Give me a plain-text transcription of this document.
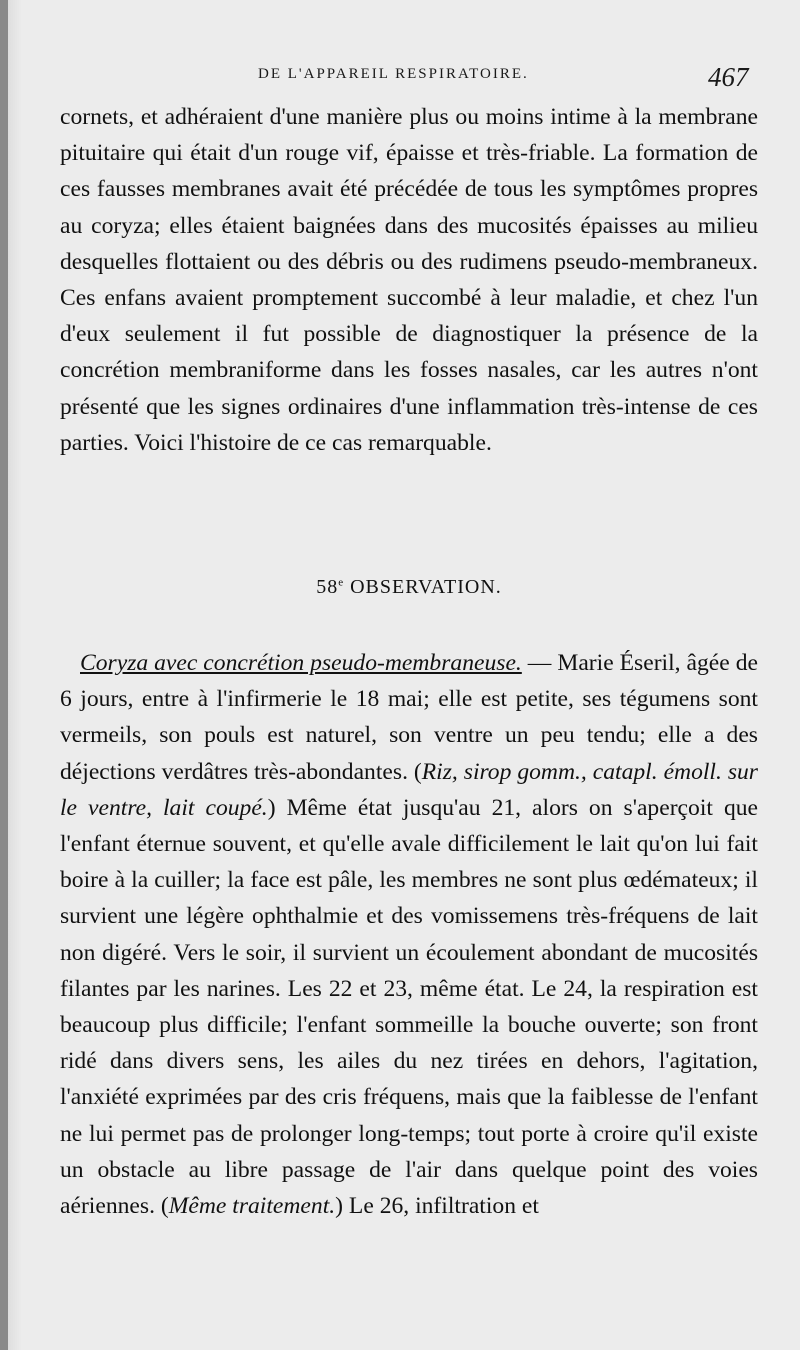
DE L'APPAREIL RESPIRATOIRE.	467

cornets, et adhéraient d'une manière plus ou moins intime à la membrane pituitaire qui était d'un rouge vif, épaisse et très-friable. La formation de ces fausses membranes avait été précédée de tous les symptômes propres au coryza; elles étaient baignées dans des mucosités épaisses au milieu desquelles flottaient ou des débris ou des rudimens pseudo-membraneux. Ces enfans avaient promptement succombé à leur maladie, et chez l'un d'eux seulement il fut possible de diagnostiquer la présence de la concrétion membraniforme dans les fosses nasales, car les autres n'ont présenté que les signes ordinaires d'une inflammation très-intense de ces parties. Voici l'histoire de ce cas remarquable.

58e OBSERVATION.

Coryza avec concrétion pseudo-membraneuse. — Marie Éseril, âgée de 6 jours, entre à l'infirmerie le 18 mai; elle est petite, ses tégumens sont vermeils, son pouls est naturel, son ventre un peu tendu; elle a des déjections verdâtres très-abondantes. (Riz, sirop gomm., catapl. émoll. sur le ventre, lait coupé.) Même état jusqu'au 21, alors on s'aperçoit que l'enfant éternue souvent, et qu'elle avale difficilement le lait qu'on lui fait boire à la cuiller; la face est pâle, les membres ne sont plus œdémateux; il survient une légère ophthalmie et des vomissemens très-fréquens de lait non digéré. Vers le soir, il survient un écoulement abondant de mucosités filantes par les narines. Les 22 et 23, même état. Le 24, la respiration est beaucoup plus difficile; l'enfant sommeille la bouche ouverte; son front ridé dans divers sens, les ailes du nez tirées en dehors, l'agitation, l'anxiété exprimées par des cris fréquens, mais que la faiblesse de l'enfant ne lui permet pas de prolonger long-temps; tout porte à croire qu'il existe un obstacle au libre passage de l'air dans quelque point des voies aériennes. (Même traitement.) Le 26, infiltration et
